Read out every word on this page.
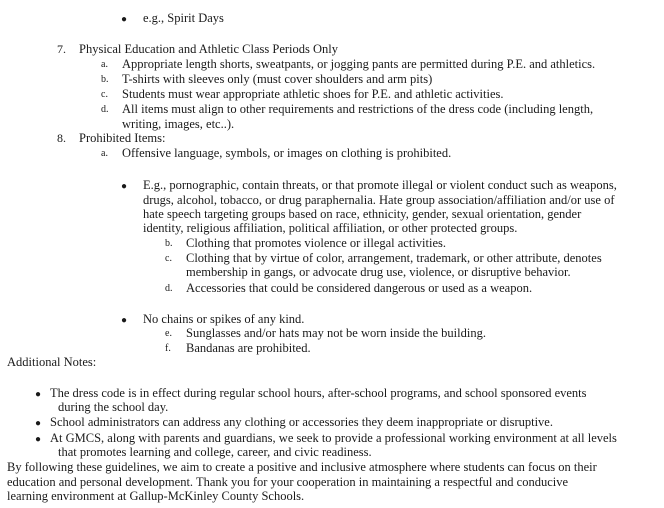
● e.g., Spirit Days
7. Physical Education and Athletic Class Periods Only
a. Appropriate length shorts, sweatpants, or jogging pants are permitted during P.E. and athletics.
b. T-shirts with sleeves only (must cover shoulders and arm pits)
c. Students must wear appropriate athletic shoes for P.E. and athletic activities.
d. All items must align to other requirements and restrictions of the dress code (including length,
writing, images, etc..).
8. Prohibited Items:
a. Offensive language, symbols, or images on clothing is prohibited.
● E.g., pornographic, contain threats, or that promote illegal or violent conduct such as weapons,
drugs, alcohol, tobacco, or drug paraphernalia. Hate group association/affiliation and/or use of
hate speech targeting groups based on race, ethnicity, gender, sexual orientation, gender
identity, religious affiliation, political affiliation, or other protected groups.
b. Clothing that promotes violence or illegal activities.
c. Clothing that by virtue of color, arrangement, trademark, or other attribute, denotes
membership in gangs, or advocate drug use, violence, or disruptive behavior.
d. Accessories that could be considered dangerous or used as a weapon.
● No chains or spikes of any kind.
e. Sunglasses and/or hats may not be worn inside the building.
f. Bandanas are prohibited.
Additional Notes:
● The dress code is in effect during regular school hours, after-school programs, and school sponsored events
during the school day.
● School administrators can address any clothing or accessories they deem inappropriate or disruptive.
● At GMCS, along with parents and guardians, we seek to provide a professional working environment at all levels
that promotes learning and college, career, and civic readiness.
By following these guidelines, we aim to create a positive and inclusive atmosphere where students can focus on their
education and personal development. Thank you for your cooperation in maintaining a respectful and conducive
learning environment at Gallup-McKinley County Schools.
